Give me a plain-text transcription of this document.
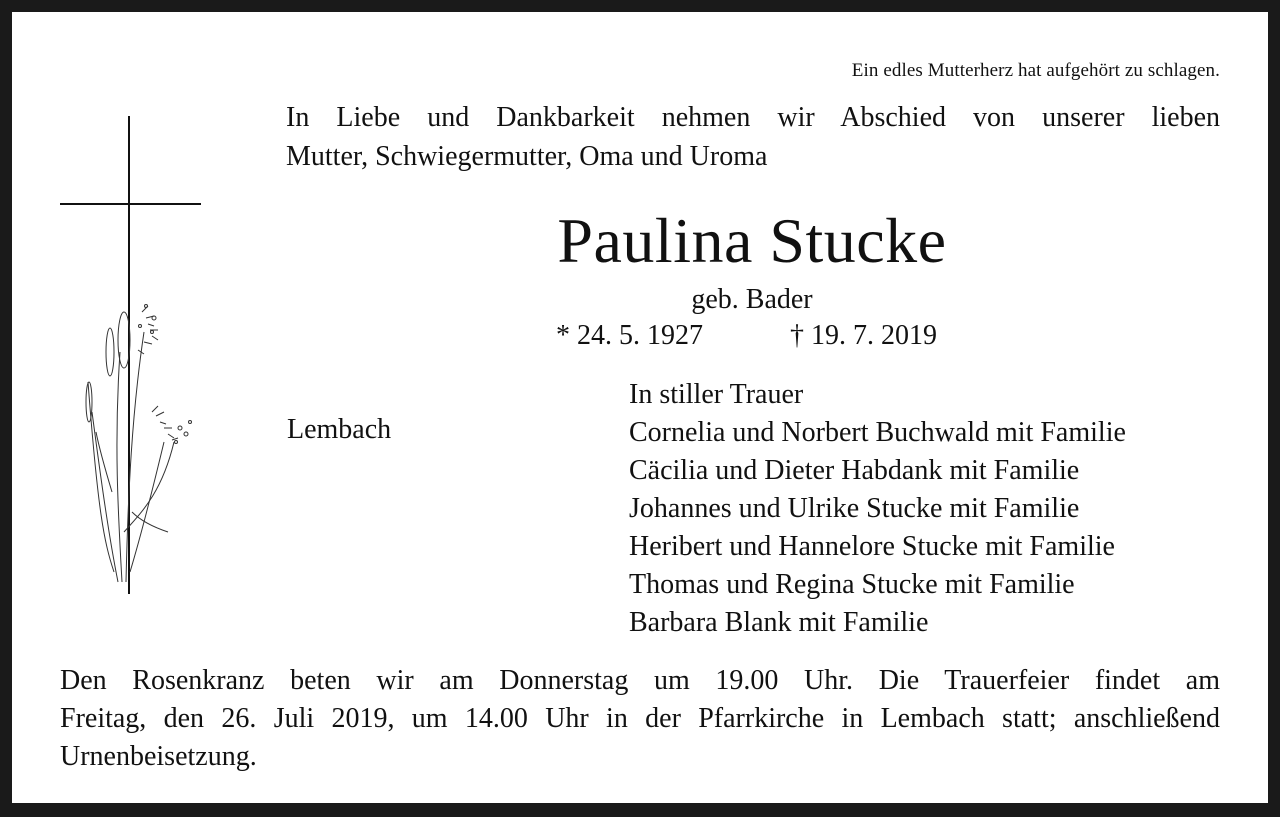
Ein edles Mutterherz hat aufgehört zu schlagen.
In Liebe und Dankbarkeit nehmen wir Abschied von unserer lieben
Mutter, Schwiegermutter, Oma und Uroma
Paulina Stucke
geb. Bader
* 24. 5. 1927	† 19. 7. 2019
Lembach
In stiller Trauer
Cornelia und Norbert Buchwald mit Familie
Cäcilia und Dieter Habdank mit Familie
Johannes und Ulrike Stucke mit Familie
Heribert und Hannelore Stucke mit Familie
Thomas und Regina Stucke mit Familie
Barbara Blank mit Familie
Den Rosenkranz beten wir am Donnerstag um 19.00 Uhr. Die Trauerfeier findet am
Freitag, den 26. Juli 2019, um 14.00 Uhr in der Pfarrkirche in Lembach statt; anschließend
Urnenbeisetzung.
